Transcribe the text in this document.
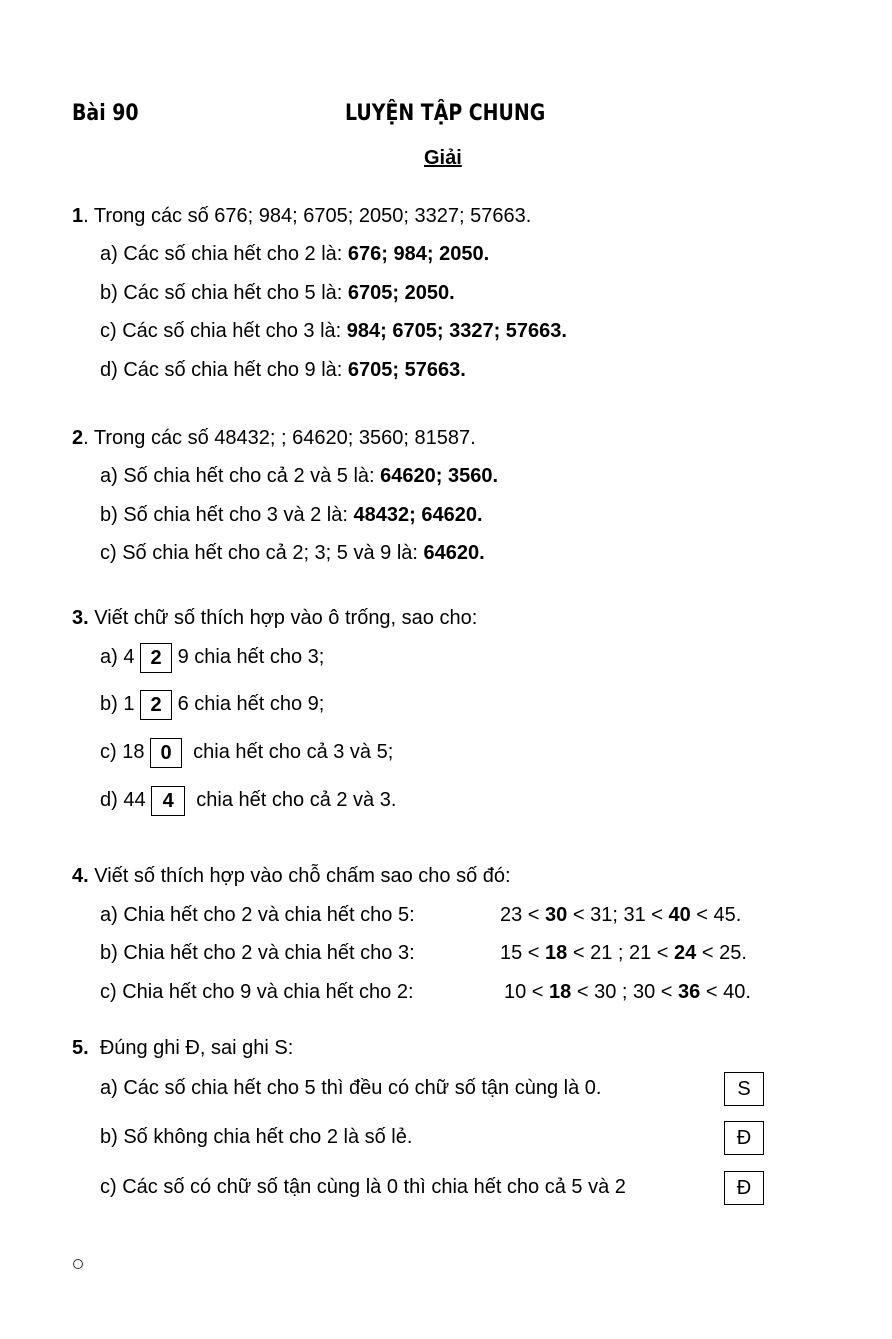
Bài 90	LUYỆN TẬP CHUNG
Giải
1. Trong các số 676; 984; 6705; 2050; 3327; 57663.
a) Các số chia hết cho 2 là: 676; 984; 2050.
b) Các số chia hết cho 5 là: 6705; 2050.
c) Các số chia hết cho 3 là: 984; 6705; 3327; 57663.
d) Các số chia hết cho 9 là: 6705; 57663.
2. Trong các số 48432; ; 64620; 3560; 81587.
a) Số chia hết cho cả 2 và 5 là: 64620; 3560.
b) Số chia hết cho 3 và 2 là: 48432; 64620.
c) Số chia hết cho cả 2; 3; 5 và 9 là: 64620.
3. Viết chữ số thích hợp vào ô trống, sao cho:
a) 4 2 9 chia hết cho 3;
b) 1 2 6 chia hết cho 9;
c) 18 0 chia hết cho cả 3 và 5;
d) 44 4 chia hết cho cả 2 và 3.
4. Viết số thích hợp vào chỗ chấm sao cho số đó:
a) Chia hết cho 2 và chia hết cho 5:	23 < 30 < 31; 31 < 40 < 45.
b) Chia hết cho 2 và chia hết cho 3:	15 < 18 < 21 ; 21 < 24 < 25.
c) Chia hết cho 9 và chia hết cho 2:	10 < 18 < 30 ; 30 < 36 < 40.
5. Đúng ghi Đ, sai ghi S:
a) Các số chia hết cho 5 thì đều có chữ số tận cùng là 0.	S
b) Số không chia hết cho 2 là số lẻ.	Đ
c) Các số có chữ số tận cùng là 0 thì chia hết cho cả 5 và 2	Đ
